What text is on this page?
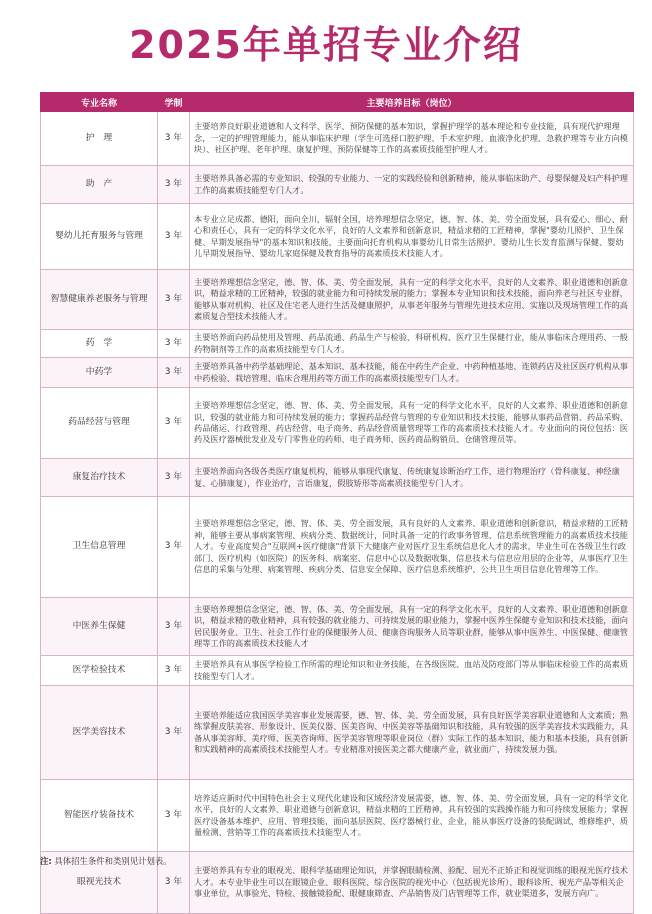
2025年单招专业介绍
专业名称	学制	主要培养目标（岗位）
护　理	3 年	主要培养良好职业道德和人文科学、医学、预防保健的基本知识，掌握护理学的基本理论和专业技能，具有现代护理理念，一定的护理管理能力，能从事临床护理（学生可选择口腔护理、手术室护理、血液净化护理、急救护理等专业方向模块）、社区护理、老年护理、康复护理、预防保健等工作的高素质技能型护理人才。
助　产	3 年	主要培养具备必需的专业知识、较强的专业能力、一定的实践经验和创新精神，能从事临床助产、母婴保健及妇产科护理工作的高素质技能型专门人才。
婴幼儿托育服务与管理	3 年	本专业立足成都、德阳，面向全川，辐射全国，培养理想信念坚定，德、智、体、美、劳全面发展，具有爱心、细心、耐心和责任心，具有一定的科学文化水平，良好的人文素养和创新意识，精益求精的工匠精神，掌握"婴幼儿照护、卫生保健、早期发展指导"的基本知识和技能，主要面向托育机构从事婴幼儿日常生活照护、婴幼儿生长发育监测与保健、婴幼儿早期发展指导、婴幼儿家庭保健及教育指导的高素质技术技能人才。
智慧健康养老服务与管理	3 年	主要培养理想信念坚定，德、智、体、美、劳全面发展，具有一定的科学文化水平，良好的人文素养、职业道德和创新意识，精益求精的工匠精神，较强的就业能力和可持续发展的能力；掌握本专业知识和技术技能，面向养老与社区专业群，能够从事对机构、社区及住宅老人进行生活及健康照护，从事老年服务与管理先进技术应用、实施以及现场管理工作的高素质复合型技术技能人才。
药　学	3 年	主要培养面向药品使用及管理、药品流通、药品生产与检验、科研机构、医疗卫生保健行业，能从事临床合理用药、一般药物制剂等工作的高素质技能型专门人才。
中药学	3 年	主要培养具备中药学基础理论、基本知识、基本技能，能在中药生产企业、中药种植基地、连锁药店及社区医疗机构从事中药检验、栽培管理、临床合理用药等方面工作的高素质技能型专门人才。
药品经营与管理	3 年	主要培养理想信念坚定，德、智、体、美、劳全面发展，具有一定的科学文化水平，良好的人文素养、职业道德和创新意识，较强的就业能力和可持续发展的能力；掌握药品经营与管理的专业知识和技术技能，能够从事药品营销、药品采购、药品储运、行政管理、药店经营、电子商务、药品经营质量管理等工作的高素质技术技能人才。专业面向的岗位包括：医药及医疗器械批发业及专门零售业的药师、电子商务师、医药商品购销员、仓储管理员等。
康复治疗技术	3 年	主要培养面向各级各类医疗康复机构，能够从事现代康复、传统康复诊断治疗工作，进行物理治疗（骨科康复、神经康复、心肺康复），作业治疗，言语康复，假肢矫形等高素质技能型专门人才。
卫生信息管理	3 年	主要培养理想信念坚定，德、智、体、美、劳全面发展，具有良好的人文素养、职业道德和创新意识，精益求精的工匠精神，能够主要从事病案管理、疾病分类、数据统计，同时具备一定的行政事务管理、信息系统管理能力的高素质技术技能人才。专业高度契合"互联网+医疗健康"背景下大健康产业对医疗卫生系统信息化人才的需求，毕业生可在各级卫生行政部门、医疗机构（如医院）的医务科、病案室、信息中心以及数据收集、信息技术与信息应用层的企业等，从事医疗卫生信息的采集与处理、病案管理、疾病分类、信息安全保障、医疗信息系统维护、公共卫生项目信息化管理等工作。
中医养生保健	3 年	主要培养理想信念坚定，德、智、体、美、劳全面发展，具有一定的科学文化水平，良好的人文素养、职业道德和创新意识，精益求精的敬业精神，具有较强的就业能力、可持续发展的职业能力，掌握中医养生保健专业知识和技术技能，面向居民服务业、卫生、社会工作行业的保健服务人员、健康咨询服务人员等职业群，能够从事中医养生、中医保健、健康管理等工作的高素质技术技能人才
医学检验技术	3 年	主要培养具有从事医学检验工作所需的理论知识和业务技能，在各级医院、血站及防疫部门等从事临床检验工作的高素质技能型专门人才。
医学美容技术	3 年	主要培养能适应我国医学美容事业发展需要，德、智、体、美、劳全面发展，具有良好医学美容职业道德和人文素质；熟练掌握皮肤美容、形象设计、医美仪器、医美咨询、中医美容等基础知识和技能，具有较强的医学美容技术实践能力，具备从事美容师、美疗师、医美咨询师、医学美容管理等职业岗位（群）实际工作的基本知识、能力和基本技能，具有创新和实践精神的高素质技术技能型人才。专业精准对接医美之都大健康产业，就业面广，持续发展力强。
智能医疗装备技术	3 年	培养适应新时代中国特色社会主义现代化建设和区域经济发展需要，德、智、体、美、劳全面发展，具有一定的科学文化水平，良好的人文素养、职业道德与创新意识，精益求精的工匠精神，具有较强的实践操作能力和可持续发展能力；掌握医疗设备基本维护、应用、管理技能，面向基层医院、医疗器械行业、企业，能从事医疗设备的装配调试、维修维护、质量检测、营销等工作的高素质技术技能型人才。
眼视光技术	3 年	主要培养具有专业的眼视光、眼科学基础理论知识，并掌握眼睛检测、验配、屈光不正矫正和视觉训练的眼视光医疗技术人才。本专业毕业生可以在眼镜企业、眼科医院、综合医院的视光中心（包括视光诊所）、眼科诊所、视光产品等相关企事业单位，从事验光、特检、接触镜验配、眼健康筛查、产品销售及门店管理等工作，就业渠道多，发展方向广。
注: 具体招生条件和类别见计划表。
